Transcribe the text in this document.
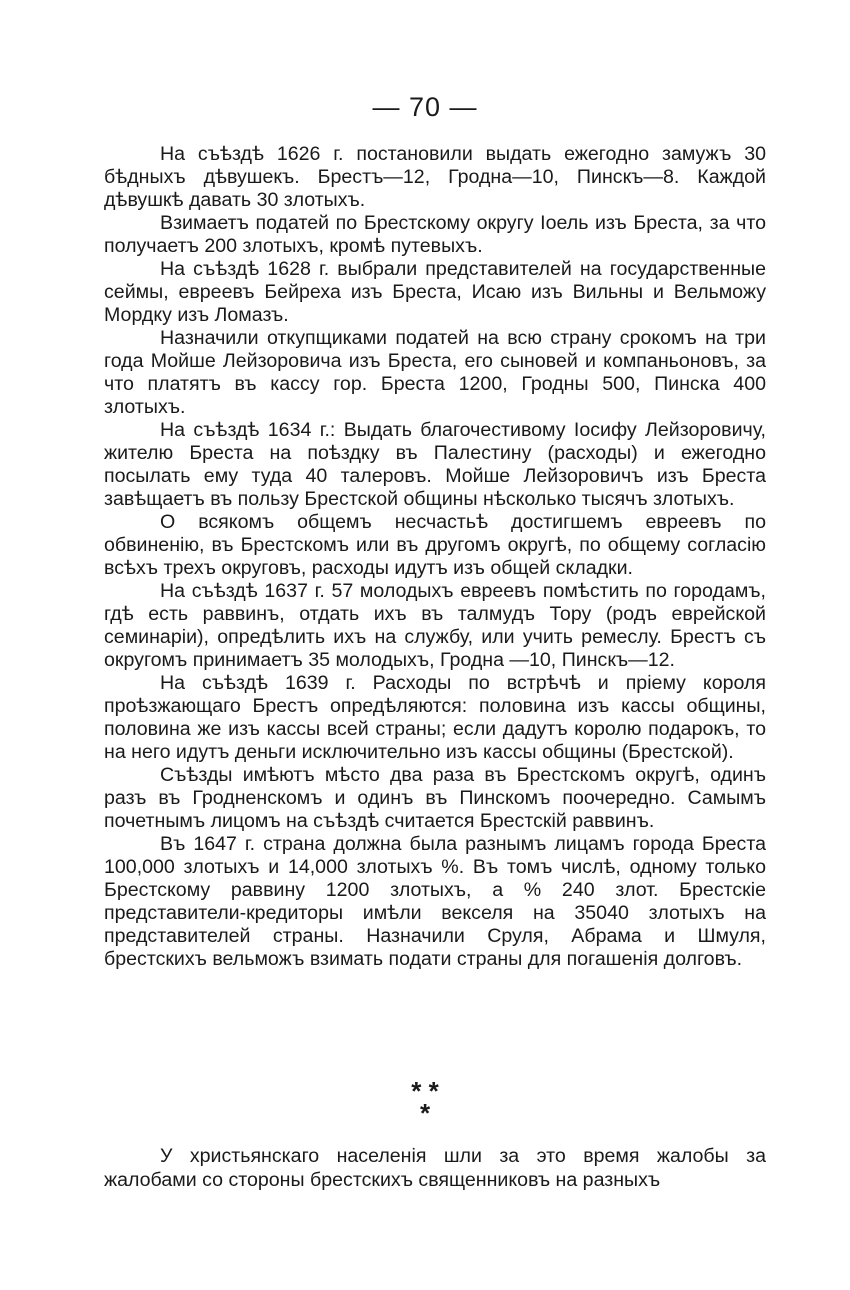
— 70 —

На съѣздѣ 1626 г. постановили выдать ежегодно замужъ 30 бѣдныхъ дѣвушекъ. Брестъ—12, Гродна—10, Пинскъ—8. Каждой дѣвушкѣ давать 30 злотыхъ.

Взимаетъ податей по Брестскому округу Iоель изъ Бреста, за что получаетъ 200 злотыхъ, кромѣ путевыхъ.

На съѣздѣ 1628 г. выбрали представителей на государственные сеймы, евреевъ Бейреха изъ Бреста, Исаю изъ Вильны и Вельможу Мордку изъ Ломазъ.

Назначили откупщиками податей на всю страну срокомъ на три года Мойше Лейзоровича изъ Бреста, его сыновей и компаньоновъ, за что платятъ въ кассу гор. Бреста 1200, Гродны 500, Пинска 400 злотыхъ.

На съѣздѣ 1634 г.: Выдать благочестивому Iосифу Лейзоровичу, жителю Бреста на поѣздку въ Палестину (расходы) и ежегодно посылать ему туда 40 талеровъ. Мойше Лейзоровичъ изъ Бреста завѣщаетъ въ пользу Брестской общины нѣсколько тысячъ злотыхъ.

О всякомъ общемъ несчастьѣ достигшемъ евреевъ по обвиненію, въ Брестскомъ или въ другомъ округѣ, по общему согласію всѣхъ трехъ округовъ, расходы идутъ изъ общей складки.

На съѣздѣ 1637 г. 57 молодыхъ евреевъ помѣстить по городамъ, гдѣ есть раввинъ, отдать ихъ въ талмудъ Тору (родъ еврейской семинаріи), опредѣлить ихъ на службу, или учить ремеслу. Брестъ съ округомъ принимаетъ 35 молодыхъ, Гродна —10, Пинскъ—12.

На съѣздѣ 1639 г. Расходы по встрѣчѣ и пріему короля проѣзжающаго Брестъ опредѣляются: половина изъ кассы общины, половина же изъ кассы всей страны; если дадутъ королю подарокъ, то на него идутъ деньги исключительно изъ кассы общины (Брестской).

Съѣзды имѣютъ мѣсто два раза въ Брестскомъ округѣ, одинъ разъ въ Гродненскомъ и одинъ въ Пинскомъ поочередно. Самымъ почетнымъ лицомъ на съѣздѣ считается Брестскій раввинъ.

Въ 1647 г. страна должна была разнымъ лицамъ города Бреста 100,000 злотыхъ и 14,000 злотыхъ %. Въ томъ числѣ, одному только Брестскому раввину 1200 злотыхъ, а % 240 злот. Брестскіе представители-кредиторы имѣли векселя на 35040 злотыхъ на представителей страны. Назначили Сруля, Абрама и Шмуля, брестскихъ вельможъ взимать подати страны для погашенія долговъ.

* *
*

У христьянскаго населенія шли за это время жалобы за жалобами со стороны брестскихъ священниковъ на разныхъ
